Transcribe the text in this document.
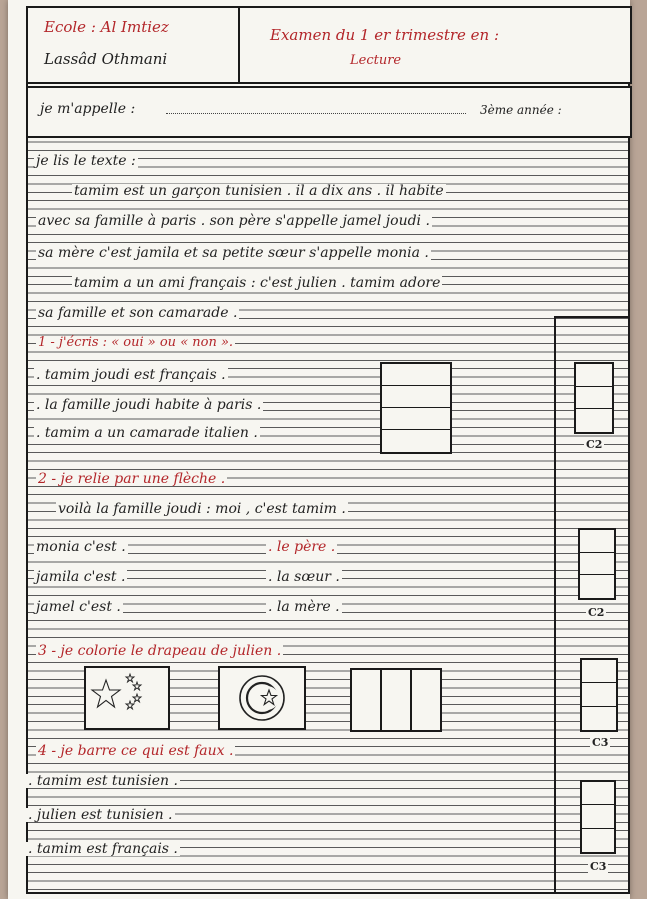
Ecole : Al Imtiez
Lassâd Othmani
Examen du 1 er trimestre en :
Lecture
je m'appelle :	3ème année :
je lis le texte :
tamim est un garçon tunisien . il a dix ans . il habite
avec sa famille à paris . son père s'appelle jamel joudi .
sa mère c'est jamila et sa petite sœur s'appelle monia .
tamim a un ami français : c'est julien . tamim adore
sa famille et son camarade .
1 - j'écris : « oui » ou « non ».
. tamim joudi est français .
. la famille joudi habite à paris .
. tamim a un camarade italien .
C2
2 - je relie par une flèche .
voilà la famille joudi : moi , c'est tamim .
monia c'est .
jamila c'est .
jamel c'est .
. le père .
. la sœur .
. la mère .	C2
3 - je colorie le drapeau de julien .
C3
4 - je barre ce qui est faux .
. tamim est tunisien .
. julien est tunisien .
. tamim est français .
C3
